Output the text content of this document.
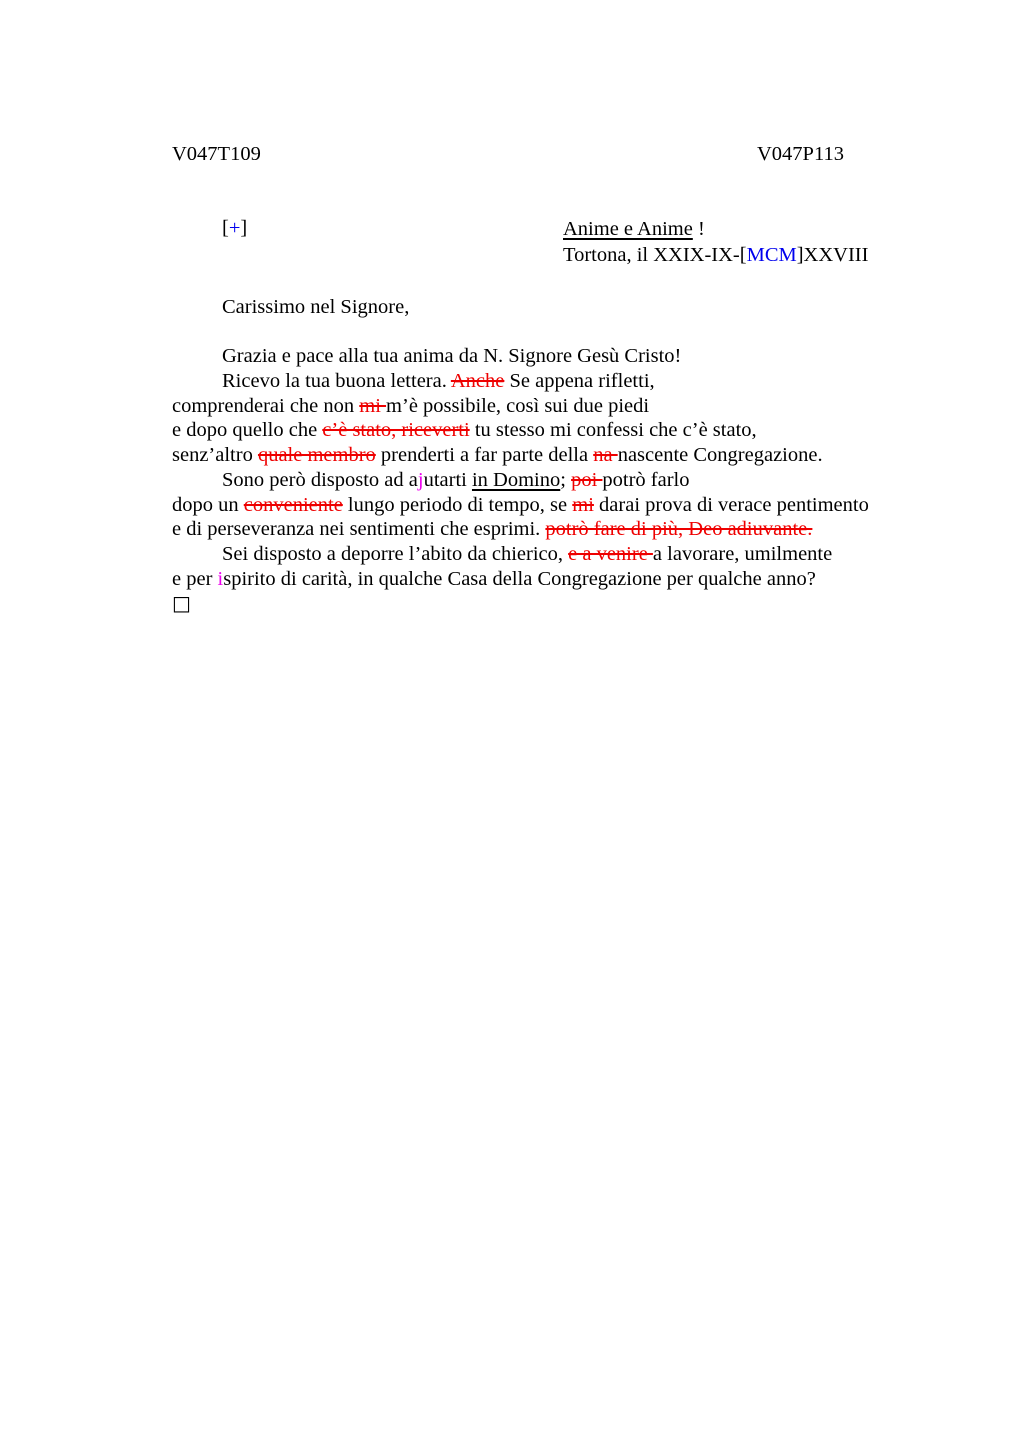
V047T109	V047P113
[+]	Anime e Anime !
Tortona, il XXIX-IX-[MCM]XXVIII
Carissimo nel Signore,
Grazia e pace alla tua anima da N. Signore Gesù Cristo!
Ricevo la tua buona lettera. Anche Se appena rifletti,
comprenderai che non mi m’è possibile, così sui due piedi
e dopo quello che c’è stato, riceverti tu stesso mi confessi che c’è stato,
senz’altro quale membro prenderti a far parte della na nascente Congregazione.
Sono però disposto ad ajutarti in Domino; poi potrò farlo
dopo un conveniente lungo periodo di tempo, se mi darai prova di verace pentimento
e di perseveranza nei sentimenti che esprimi. potrò fare di più, Deo adiuvante.
Sei disposto a deporre l’abito da chierico, e a venire a lavorare, umilmente
e per ispirito di carità, in qualche Casa della Congregazione per qualche anno?
□
